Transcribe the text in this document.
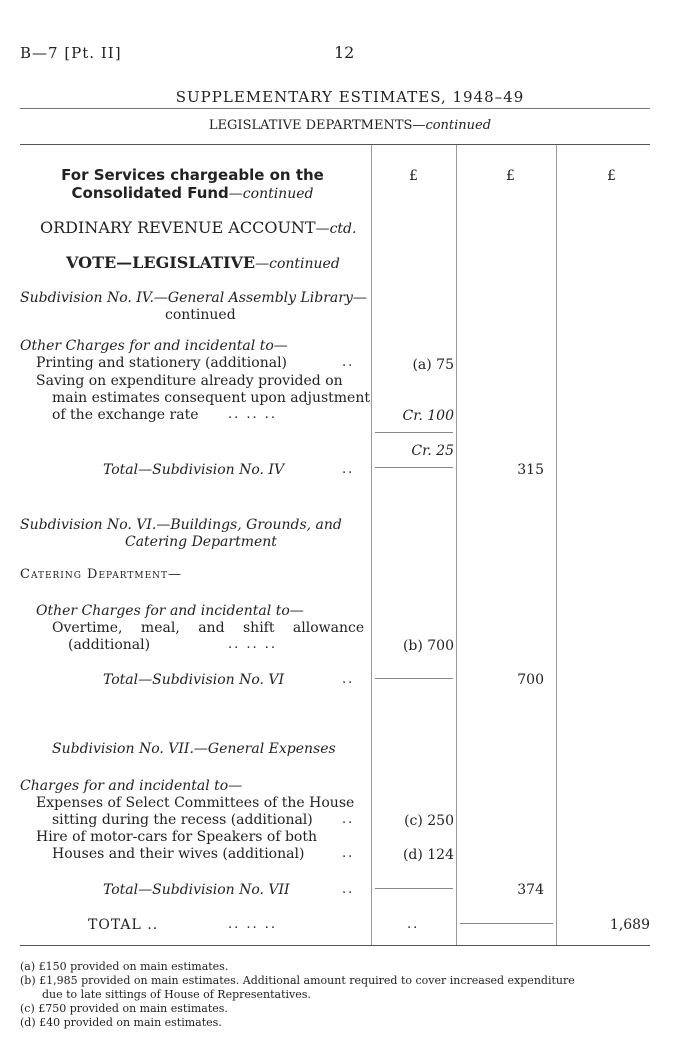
B—7 [Pt. II]	12
SUPPLEMENTARY ESTIMATES, 1948–49
LEGISLATIVE DEPARTMENTS—continued
£	£	£
For Services chargeable on the
Consolidated Fund—continued
ORDINARY REVENUE ACCOUNT—ctd.
VOTE—LEGISLATIVE—continued
Subdivision No. IV.—General Assembly Library—
continued
Other Charges for and incidental to—
Printing and stationery (additional)	..	(a) 75
Saving on expenditure already provided on
main estimates consequent upon adjustment
of the exchange rate .. .. ..	Cr. 100
Cr. 25
Total—Subdivision No. IV	..	315
Subdivision No. VI.—Buildings, Grounds, and
Catering Department
Catering Department—
Other Charges for and incidental to—
Overtime, meal, and shift allowance
(additional)	.. .. ..	(b) 700
Total—Subdivision No. VI	..	700
Subdivision No. VII.—General Expenses
Charges for and incidental to—
Expenses of Select Committees of the House
sitting during the recess (additional) ..	(c) 250
Hire of motor-cars for Speakers of both
Houses and their wives (additional)	..	(d) 124
Total—Subdivision No. VII	..	374
TOTAL ..	.. .. ..	..	1,689
(a) £150 provided on main estimates.
(b) £1,985 provided on main estimates. Additional amount required to cover increased expenditure
due to late sittings of House of Representatives.
(c) £750 provided on main estimates.
(d) £40 provided on main estimates.
